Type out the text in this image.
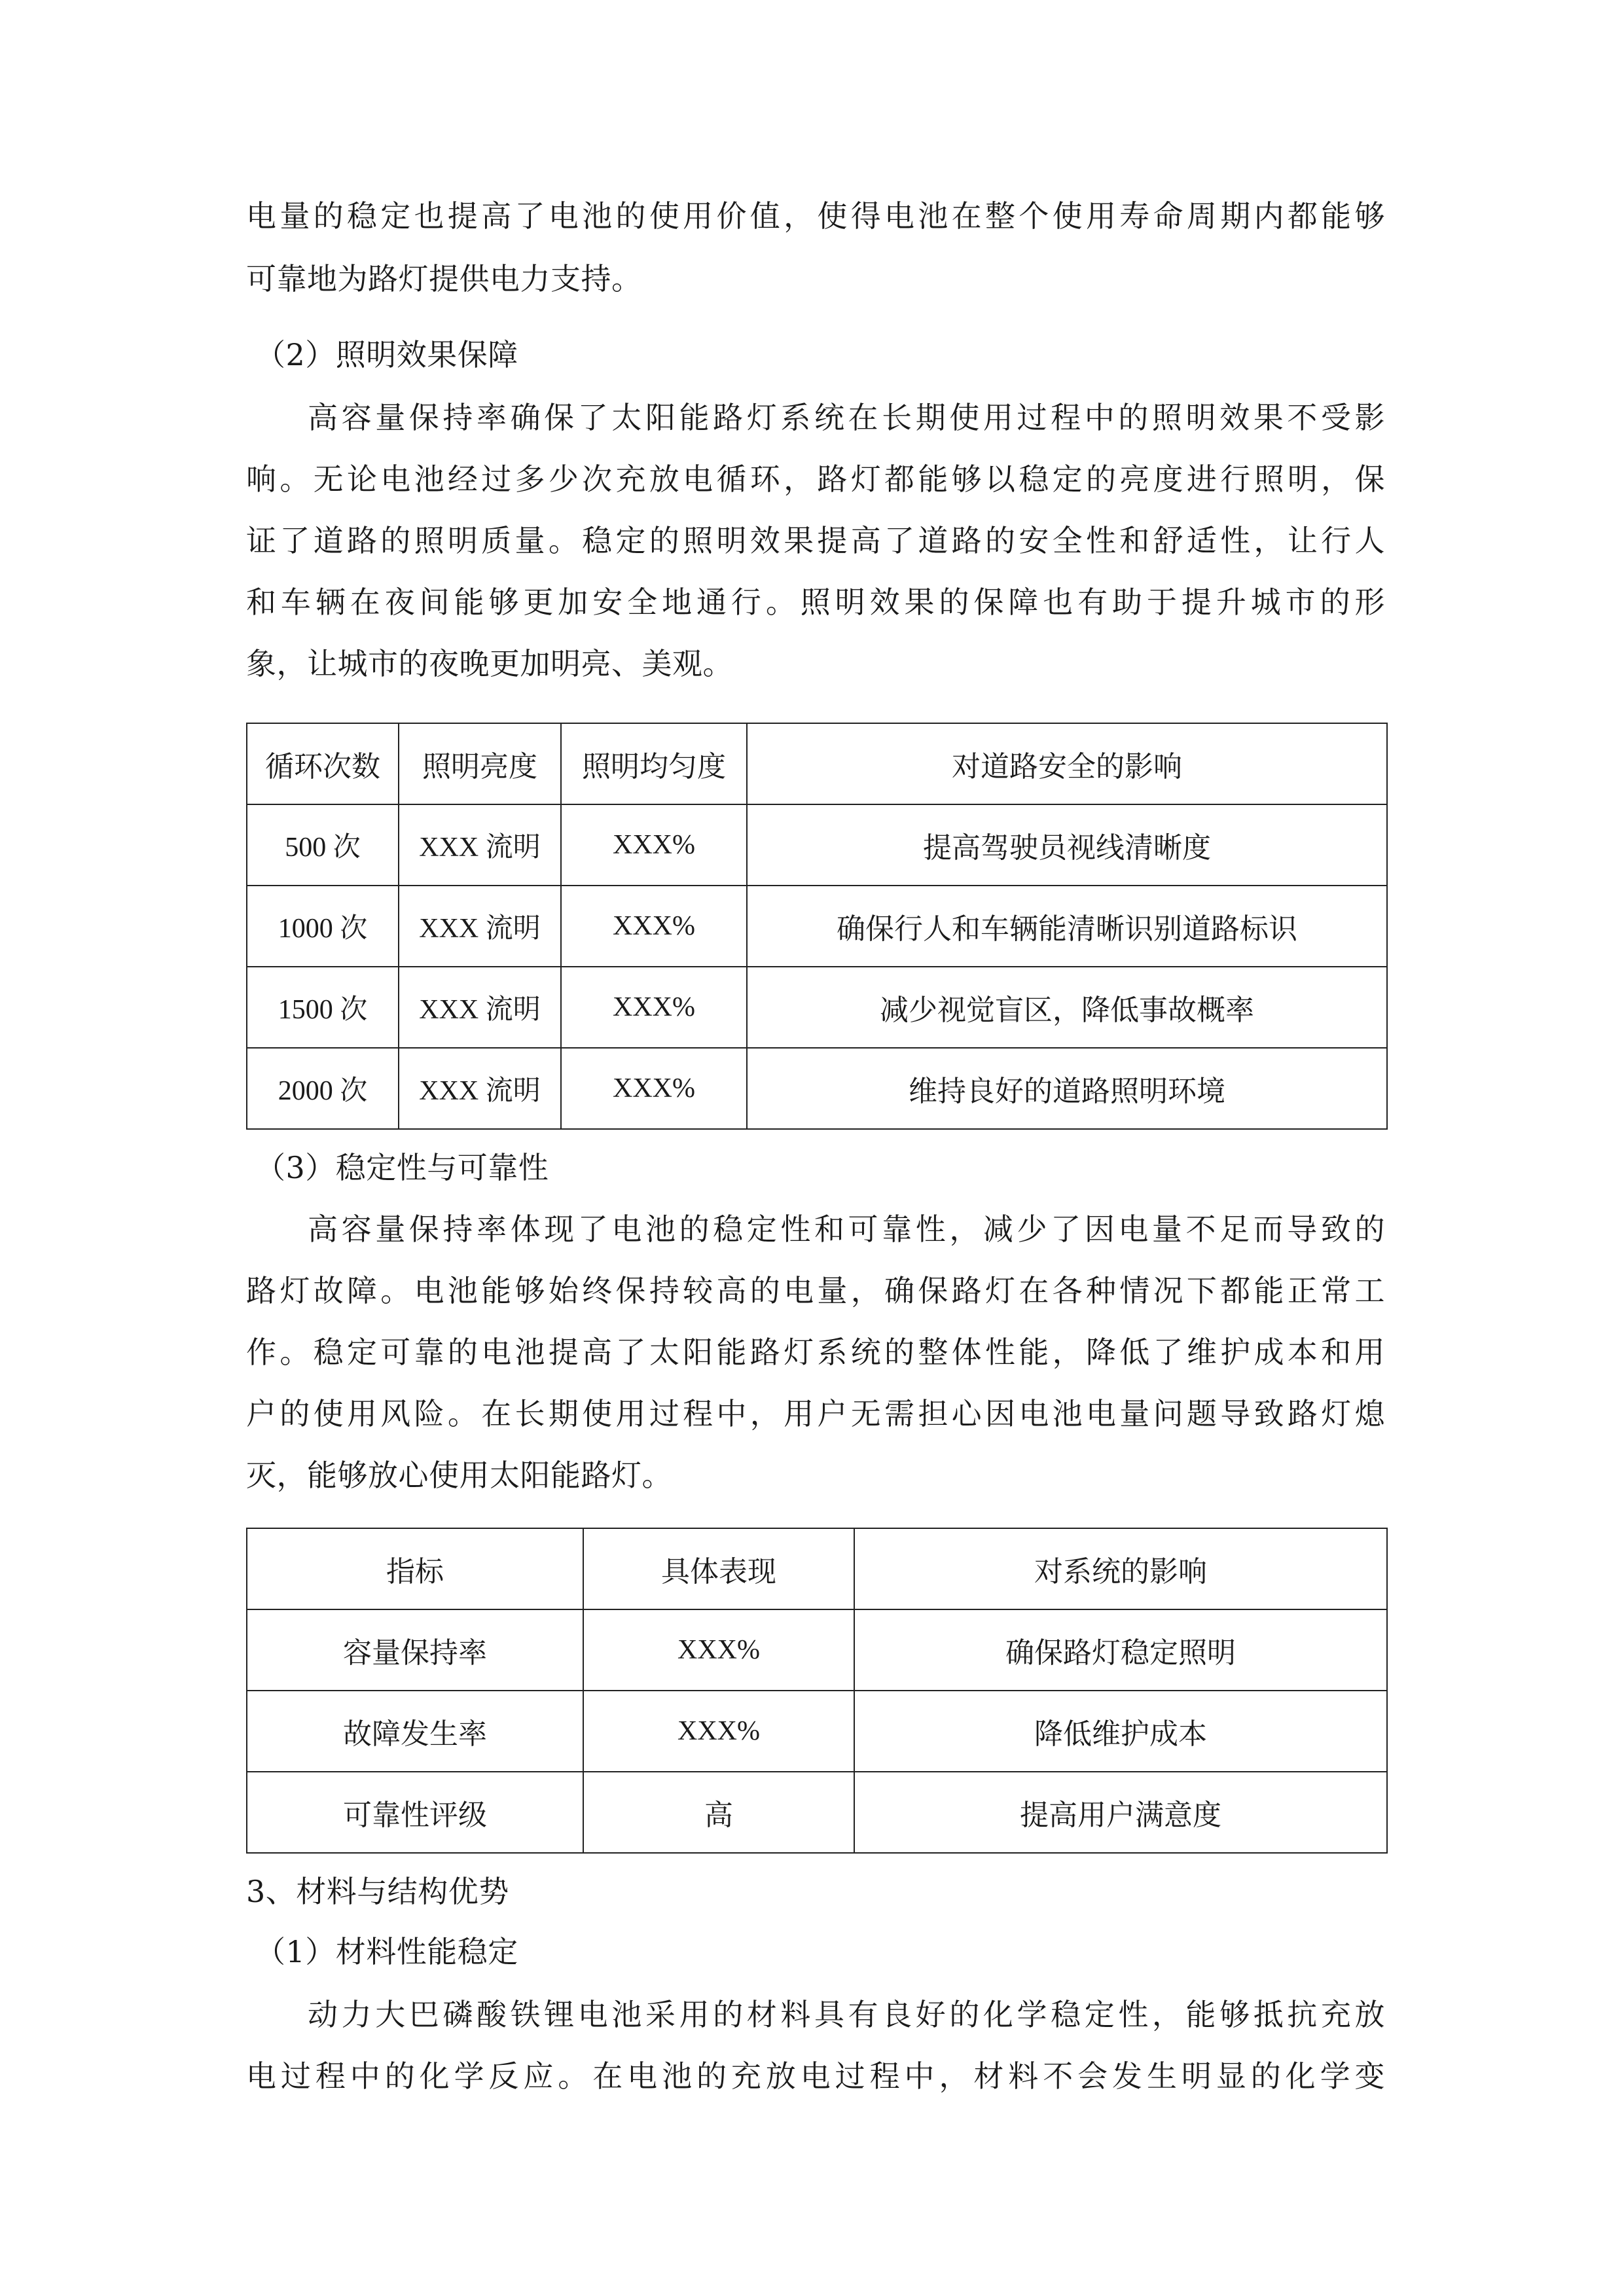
电量的稳定也提高了电池的使用价值，使得电池在整个使用寿命周期内都能够
可靠地为路灯提供电力支持。
（2）照明效果保障
高容量保持率确保了太阳能路灯系统在长期使用过程中的照明效果不受影
响。无论电池经过多少次充放电循环，路灯都能够以稳定的亮度进行照明，保
证了道路的照明质量。稳定的照明效果提高了道路的安全性和舒适性，让行人
和车辆在夜间能够更加安全地通行。照明效果的保障也有助于提升城市的形
象，让城市的夜晚更加明亮、美观。
循环次数	照明亮度	照明均匀度	对道路安全的影响
500 次	XXX 流明	XXX%	提高驾驶员视线清晰度
1000 次	XXX 流明	XXX%	确保行人和车辆能清晰识别道路标识
1500 次	XXX 流明	XXX%	减少视觉盲区，降低事故概率
2000 次	XXX 流明	XXX%	维持良好的道路照明环境
（3）稳定性与可靠性
高容量保持率体现了电池的稳定性和可靠性，减少了因电量不足而导致的
路灯故障。电池能够始终保持较高的电量，确保路灯在各种情况下都能正常工
作。稳定可靠的电池提高了太阳能路灯系统的整体性能，降低了维护成本和用
户的使用风险。在长期使用过程中，用户无需担心因电池电量问题导致路灯熄
灭，能够放心使用太阳能路灯。
指标	具体表现	对系统的影响
容量保持率	XXX%	确保路灯稳定照明
故障发生率	XXX%	降低维护成本
可靠性评级	高	提高用户满意度
3、材料与结构优势
（1）材料性能稳定
动力大巴磷酸铁锂电池采用的材料具有良好的化学稳定性，能够抵抗充放
电过程中的化学反应。在电池的充放电过程中，材料不会发生明显的化学变
